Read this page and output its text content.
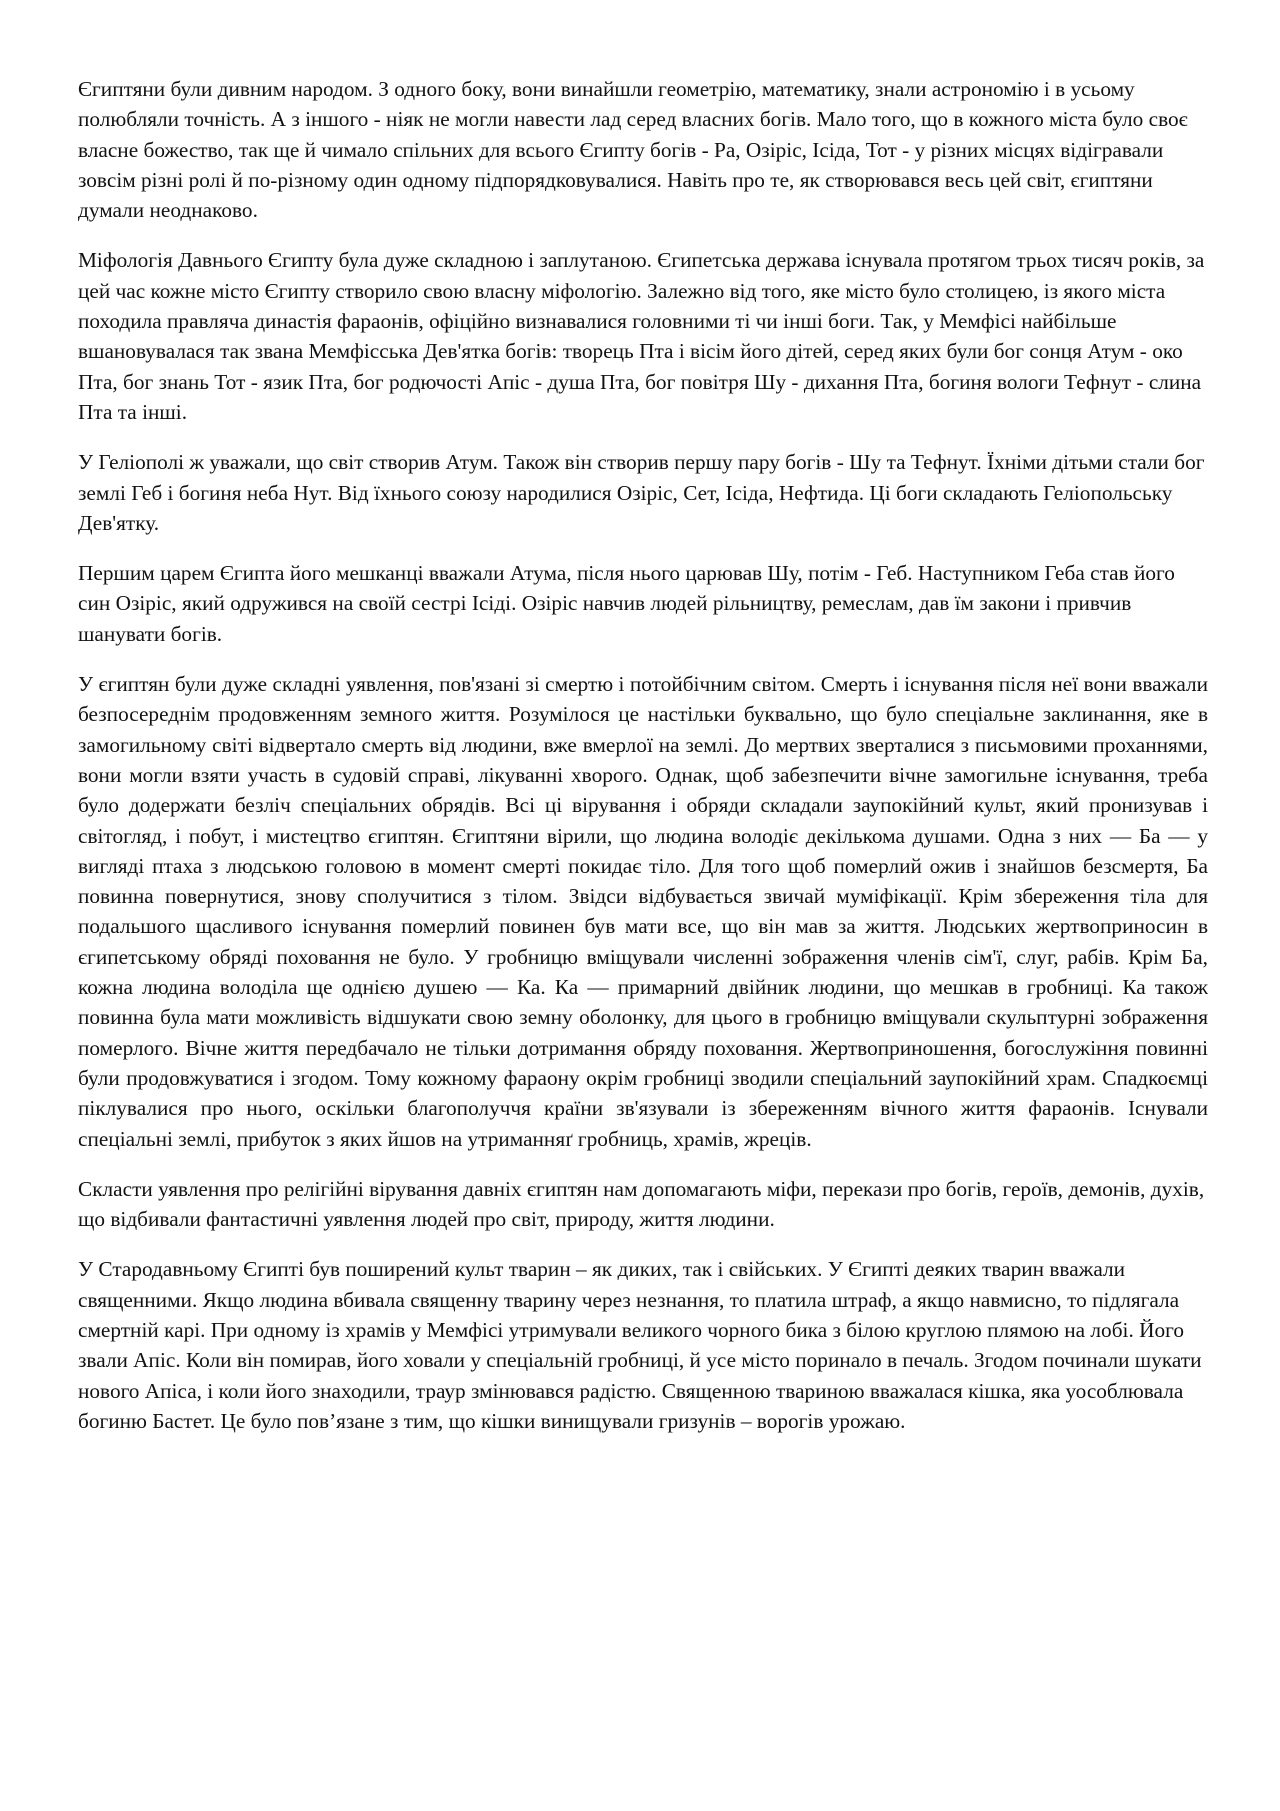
Єгиптяни були дивним народом. З одного боку, вони винайшли геометрію, математику, знали астрономію і в усьому полюбляли точність. А з іншого - ніяк не могли навести лад серед власних богів. Мало того, що в кожного міста було своє власне божество, так ще й чимало спільних для всього Єгипту богів - Ра, Озіріс, Ісіда, Тот - у різних місцях відігравали зовсім різні ролі й по-різному один одному підпорядковувалися. Навіть про те, як створювався весь цей світ, єгиптяни думали неоднаково.

Міфологія Давнього Єгипту була дуже складною і заплутаною. Єгипетська держава існувала протягом трьох тисяч років, за цей час кожне місто Єгипту створило свою власну міфологію. Залежно від того, яке місто було столицею, із якого міста походила правляча династія фараонів, офіційно визнавалися головними ті чи інші боги. Так, у Мемфісі найбільше вшановувалася так звана Мемфісська Дев'ятка богів: творець Пта і вісім його дітей, серед яких були бог сонця Атум - око Пта, бог знань Тот - язик Пта, бог родючості Апіс - душа Пта, бог повітря Шу - дихання Пта, богиня вологи Тефнут - слина Пта та інші.

У Геліополі ж уважали, що світ створив Атум. Також він створив першу пару богів - Шу та Тефнут. Їхніми дітьми стали бог землі Геб і богиня неба Нут. Від їхнього союзу народилися Озіріс, Сет, Ісіда, Нефтида. Ці боги складають Геліопольську Дев'ятку.

Першим царем Єгипта його мешканці вважали Атума, після нього царював Шу, потім - Геб. Наступником Геба став його син Озіріс, який одружився на своїй сестрі Ісіді. Озіріс навчив людей рільництву, ремеслам, дав їм закони і привчив шанувати богів.

У єгиптян були дуже складні уявлення, пов'язані зі смертю і потойбічним світом. Смерть і існування після неї вони вважали безпосереднім продовженням земного життя. Розумілося це настільки буквально, що було спеціальне заклинання, яке в замогильному світі відвертало смерть від людини, вже вмерлої на землі. До мертвих зверталися з письмовими проханнями, вони могли взяти участь в судовій справі, лікуванні хворого. Однак, щоб забезпечити вічне замогильне існування, треба було додержати безліч спеціальних обрядів. Всі ці вірування і обряди складали заупокійний культ, який пронизував і світогляд, і побут, і мистецтво єгиптян. Єгиптяни вірили, що людина володіє декількома душами. Одна з них — Ба — у вигляді птаха з людською головою в момент смерті покидає тіло. Для того щоб померлий ожив і знайшов безсмертя, Ба повинна повернутися, знову сполучитися з тілом. Звідси відбувається звичай муміфікації. Крім збереження тіла для подальшого щасливого існування померлий повинен був мати все, що він мав за життя. Людських жертвоприносин в єгипетському обряді поховання не було. У гробницю вміщували численні зображення членів сім'ї, слуг, рабів. Крім Ба, кожна людина володіла ще однією душею — Ка. Ка — примарний двійник людини, що мешкав в гробниці. Ка також повинна була мати можливість відшукати свою земну оболонку, для цього в гробницю вміщували скульптурні зображення померлого. Вічне життя передбачало не тільки дотримання обряду поховання. Жертвоприношення, богослужіння повинні були продовжуватися і згодом. Тому кожному фараону окрім гробниці зводили спеціальний заупокійний храм. Спадкоємці піклувалися про нього, оскільки благополуччя країни зв'язували із збереженням вічного життя фараонів. Існували спеціальні землі, прибуток з яких йшов на утриманняґ гробниць, храмів, жреців.

Скласти уявлення про релігійні вірування давніх єгиптян нам допомагають міфи, перекази про богів, героїв, демонів, духів, що відбивали фантастичні уявлення людей про світ, природу, життя людини.

У Стародавньому Єгипті був поширений культ тварин – як диких, так і свійських. У Єгипті деяких тварин вважали священними. Якщо людина вбивала священну тварину через незнання, то платила штраф, а якщо навмисно, то підлягала смертній карі. При одному із храмів у Мемфісі утримували великого чорного бика з білою круглою плямою на лобі. Його звали Апіс. Коли він помирав, його ховали у спеціальній гробниці, й усе місто поринало в печаль. Згодом починали шукати нового Апіса, і коли його знаходили, траур змінювався радістю. Священною твариною вважалася кішка, яка уособлювала богиню Бастет. Це було пов’язане з тим, що кішки винищували гризунів – ворогів урожаю.
